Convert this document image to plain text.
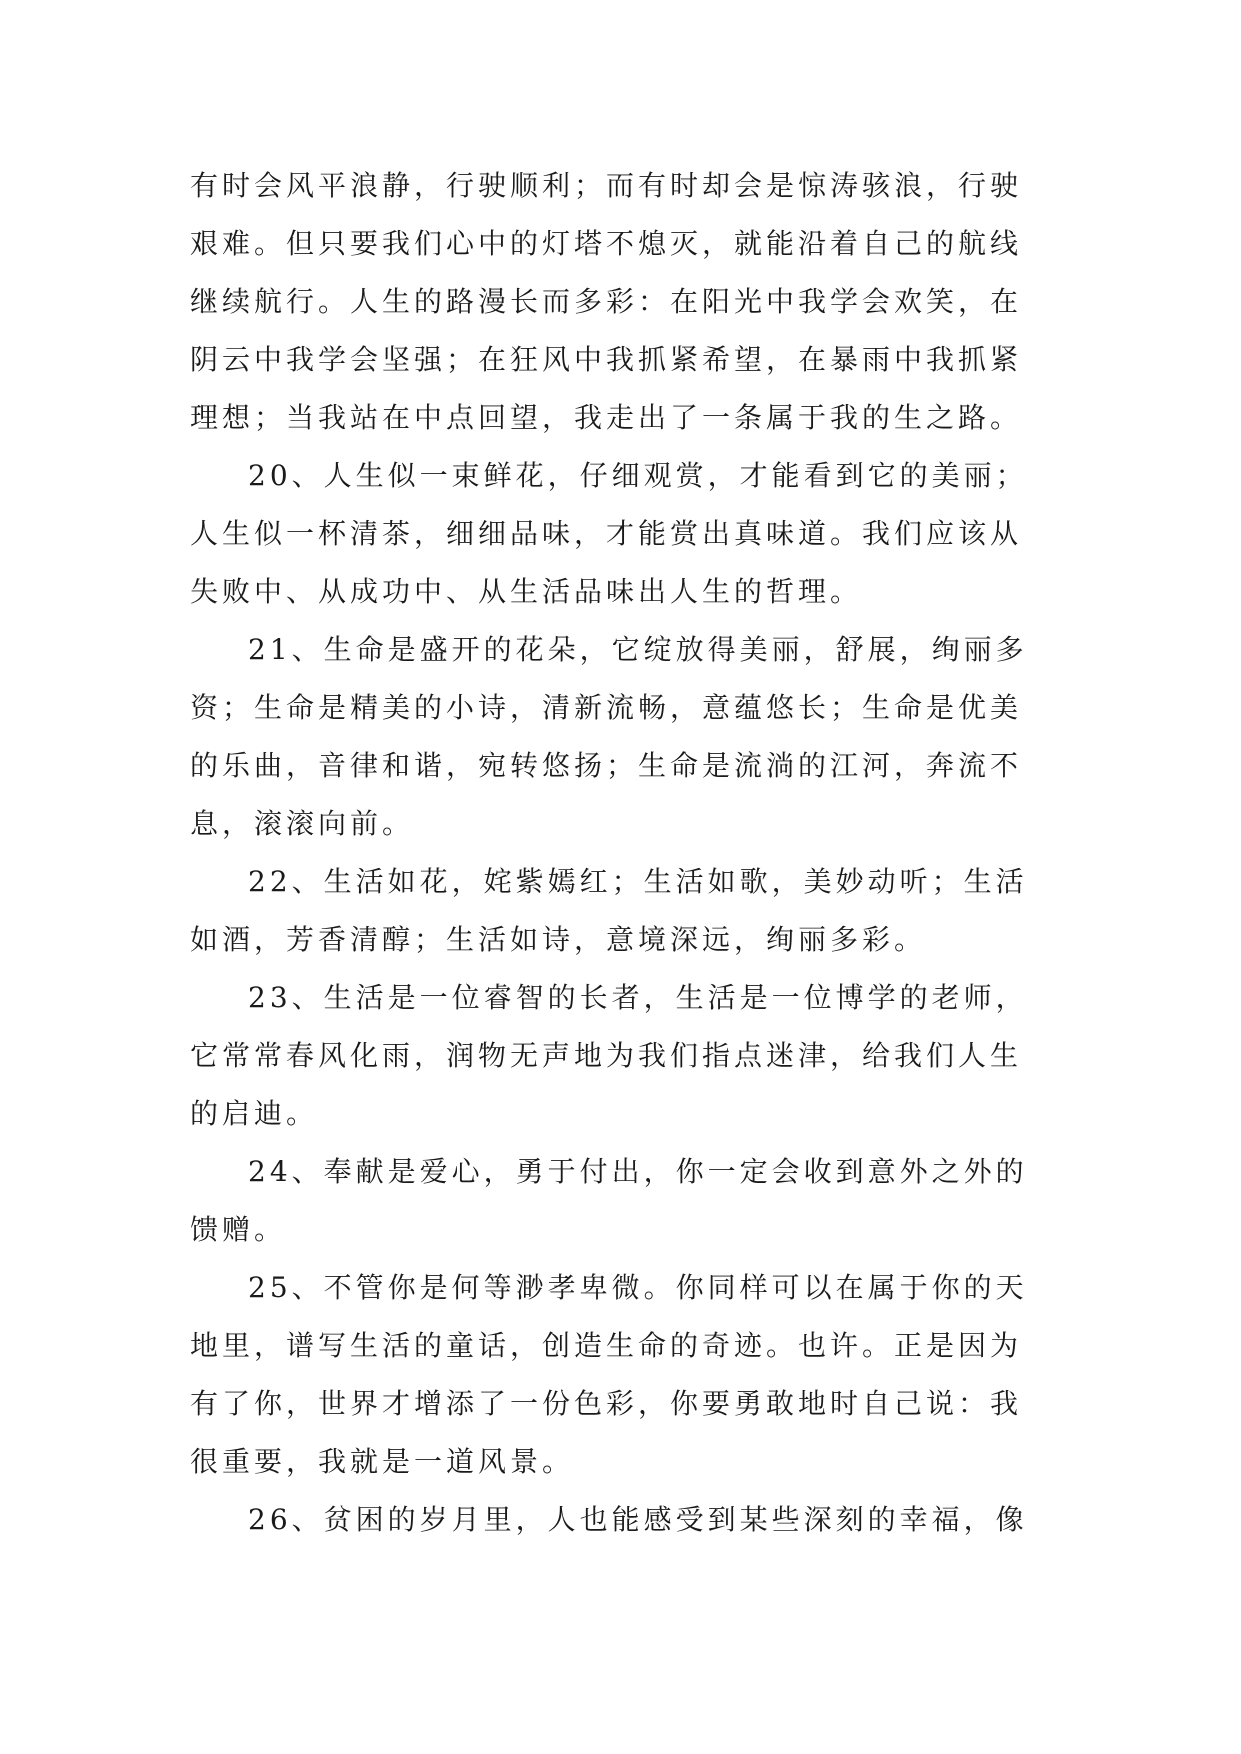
有时会风平浪静，行驶顺利；而有时却会是惊涛骇浪，行驶
艰难。但只要我们心中的灯塔不熄灭，就能沿着自己的航线
继续航行。人生的路漫长而多彩：在阳光中我学会欢笑，在
阴云中我学会坚强；在狂风中我抓紧希望，在暴雨中我抓紧
理想；当我站在中点回望，我走出了一条属于我的生之路。
20、人生似一束鲜花，仔细观赏，才能看到它的美丽；
人生似一杯清茶，细细品味，才能赏出真味道。我们应该从
失败中、从成功中、从生活品味出人生的哲理。
21、生命是盛开的花朵，它绽放得美丽，舒展，绚丽多
资；生命是精美的小诗，清新流畅，意蕴悠长；生命是优美
的乐曲，音律和谐，宛转悠扬；生命是流淌的江河，奔流不
息，滚滚向前。
22、生活如花，姹紫嫣红；生活如歌，美妙动听；生活
如酒，芳香清醇；生活如诗，意境深远，绚丽多彩。
23、生活是一位睿智的长者，生活是一位博学的老师，
它常常春风化雨，润物无声地为我们指点迷津，给我们人生
的启迪。
24、奉献是爱心，勇于付出，你一定会收到意外之外的
馈赠。
25、不管你是何等渺孝卑微。你同样可以在属于你的天
地里，谱写生活的童话，创造生命的奇迹。也许。正是因为
有了你，世界才增添了一份色彩，你要勇敢地时自己说：我
很重要，我就是一道风景。
26、贫困的岁月里，人也能感受到某些深刻的幸福，像
